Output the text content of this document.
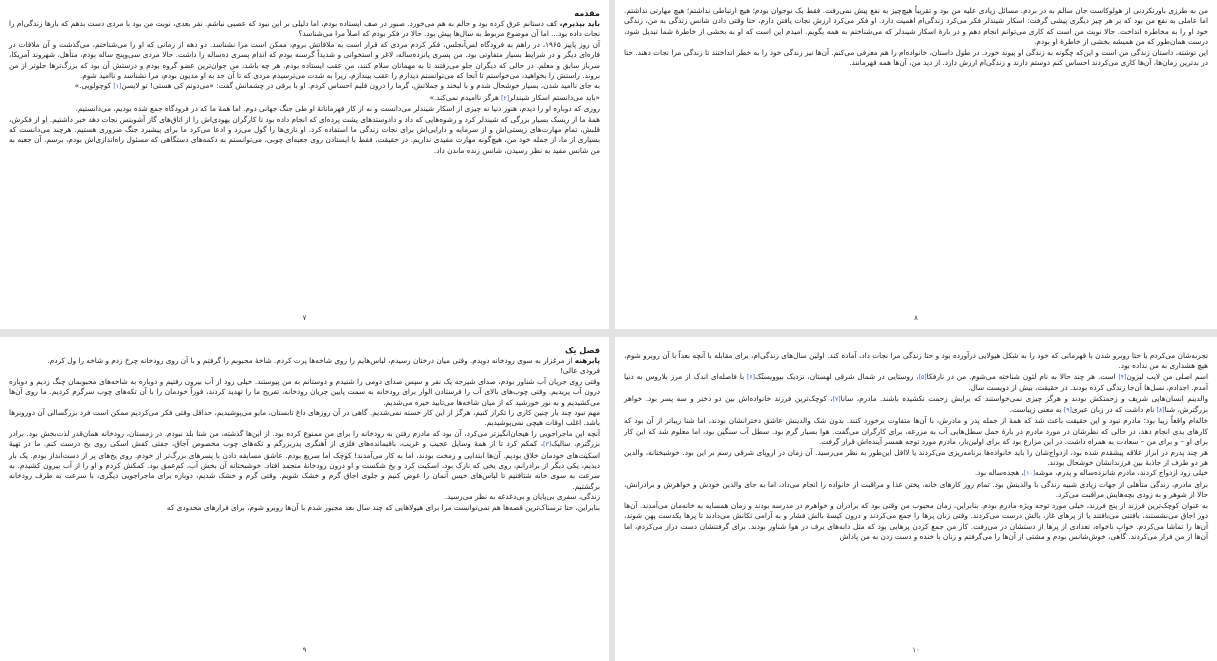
مقدمه

باید بپذیرم، کف دستانم عرق کرده بود و حالم به هم می‌خورد. صبور در صف ایستاده بودم، اما دلیلی بر این نبود که عصبی نباشم. نفر بعدی، نوبت من بود با مردی دست بدهم که بارها زندگی‌ام را نجات داده بود... اما آن موضوع مربوط به سال‌ها پیش بود. حالا در فکر بودم که اصلاً مرا می‌شناسد؟

آن روز پاییز ۱۹۶۵، در راهم به فرودگاه لس‌آنجلس، فکر کردم مردی که قرار است به ملاقاتش بروم، ممکن است مرا نشناسد. دو دهه از زمانی که او را می‌شناختم، می‌گذشت و آن ملاقات در قاره‌ای دیگر و در شرایط بسیار متفاوتی بود. من پسری پانزده‌ساله، لاغر و استخوانی و شدیداً گرسنه بودم که اندام پسری ده‌ساله را داشت. حالا مردی سی‌وپنج ساله بودم، متأهل، شهروند آمریکا، سرباز سابق و معلم. در حالی که دیگران جلو می‌رفتند تا به مهمانان سلام کنند، من عقب ایستاده بودم. هر چه باشد، من جوان‌ترین عضو گروه بودم و درستش آن بود که بزرگ‌ترها جلوتر از من بروند. راستش را بخواهید، می‌خواستم تا آنجا که می‌توانستم دیدارم را عقب بیندازم، زیرا به شدت می‌ترسیدم مردی که تا آن حد به او مدیون بودم، مرا نشناسد و ناامید شوم.

به جای ناامید شدن، بسیار خوشحال شدم و با لبخند و جملاتش، گرما را درون قلبم احساس کردم. او با برقی در چشمانش گفت: «می‌دونم کی هستی! تو لایسن[۱] کوچولویی.»

«باید می‌دانستم اسکار شیندلر[۲] هرگز ناامیدم نمی‌کند.»

روزی که دوباره او را دیدم، هنوز دنیا نه چیزی از اسکار شیندلر می‌دانست و نه از کار قهرمانانهٔ او طی جنگ جهانی دوم. اما همهٔ ما که در فرودگاه جمع شده بودیم، می‌دانستیم.

همهٔ ما از ریسک بسیار بزرگی که شیندلر کرد و رشوه‌هایی که داد و داد‌وستدهای پشت پرده‌ای که انجام داده بود تا کارگران یهودی‌اش را از اتاق‌های گاز آشویتس نجات دهد خبر داشتیم. او از فکرش، قلبش، تمام مهارت‌های زیستی‌اش و از سرمایه و دارایی‌اش برای نجات زندگی ما استفاده کرد. او نازی‌ها را گول می‌زد و ادعا می‌کرد ما برای پیشبرد جنگ ضروری هستیم. هرچند می‌دانست که بسیاری از ما، از جمله خود من، هیچ‌گونه مهارت مفیدی نداریم. در حقیقت، فقط با ایستادن روی جعبه‌ای چوبی، می‌توانستم به دکمه‌های دستگاهی که مسئول راه‌اندازی‌اش بودم، برسم. آن جعبه به من شانس مفید به نظر رسیدن، شانس زنده ماندن داد.

۷

من به طرزی باورنکردنی از هولوکاست جان سالم به در بردم. مسائل زیادی علیه من بود و تقریباً هیچ‌چیز به نفع پیش نمی‌رفت. فقط یک نوجوان بودم؛ هیچ ارتباطی نداشتم؛ هیچ مهارتی نداشتم. اما عاملی به نفع من بود که بر هر چیز دیگری پیشی گرفت: اسکار شیندلر فکر می‌کرد زندگی‌ام اهمیت دارد. او فکر می‌کرد ارزش نجات یافتن دارم، حتا وقتی دادن شانس زندگی به من، زندگی خود او را به مخاطره انداخت. حالا نوبت من است که کاری می‌توانم انجام دهم و در بارهٔ اسکار شیندلر که می‌شناختم به همه بگویم. امیدم این است که او به بخشی از خاطرهٔ شما تبدیل شود، درست همان‌طور که من همیشه بخشی از خاطرهٔ او بودم.

این نوشته، داستان زندگی من است و این‌که چگونه به زندگی او پیوند خورد. در طول داستان، خانواده‌ام را هم معرفی می‌کنم. آن‌ها نیز زندگی خود را به خطر انداختند تا زندگی مرا نجات دهند. حتا در بدترین زمان‌ها، آن‌ها کاری می‌کردند احساس کنم دوستم دارند و زندگی‌ام ارزش دارد. از دید من، آن‌ها همه قهرمانند.

۸

فصل یک

پابرهنه از مرغزار به سوی رودخانه دویدم. وقتی میان درختان رسیدم، لباس‌هایم را روی شاخه‌ها پرت کردم. شاخهٔ محبوبم را گرفتم و با آن روی رودخانه چرخ زدم و شاخه را ول کردم.

فرودی عالی!

وقتی روی جریان آب شناور بودم، صدای شیرجه یک نفر و سپس صدای دومی را شنیدم و دوستانم به من پیوستند. خیلی زود از آب بیرون رفتیم و دوباره به شاخه‌های محبوبمان چنگ زدیم و دوباره درون آب پریدیم. وقتی چوب‌های بالای آب را فرستادن الوار برای رودخانه به سمت پایین جریان رودخانه، تفریح ما را تهدید کردند، فوراً خودمان را با آن تکه‌های چوب سرگرم کردیم. ما روی آن‌ها می‌کشیدیم و به نور خورشید که از میان شاخه‌ها می‌تابید خیره می‌شدیم.

مهم نبود چند بار چنین کاری را تکرار کنیم، هرگز از این کار خسته نمی‌شدیم. گاهی در آن روزهای داغ تابستان، مایو می‌پوشیدیم، حداقل وقتی فکر می‌کردیم ممکن است فرد بزرگسالی آن دوروبرها باشد. اغلب اوقات هیچی نمی‌پوشیدیم.

آنچه این ماجراجویی را هیجان‌انگیزتر می‌کرد، آن بود که مادرم رفتن به رودخانه را برای من ممنوع کرده بود. از این‌ها گذشته، من شنا بلد نبودم. در زمستان، رودخانه همان‌قدر لذت‌بخش بود. برادر بزرگترم، سالیک[۳]، کمکم کرد تا از همهٔ وسایل عجیب و غریب، باقیمانده‌های فلزی از آهنگری پدربزرگم و تکه‌های چوب مخصوص آجاق، جفتی کفش اسکی روی یخ درست کنم. ما در تهیهٔ اسکیت‌های خودمان خلاق بودیم. آن‌ها ابتدایی و زمخت بودند، اما به کار می‌آمدند! کوچک اما سریع بودم. عاشق مسابقه دادن با پسرهای بزرگ‌تر از خودم. روی یخ‌های پر از دست‌انداز بودم. یک بار دیدیم، یکی دیگر از برادرانم، روی یخی که نازک بود، اسکیت کرد و یخ شکست و او درون رودخانهٔ منجمد افتاد. خوشبختانه آن بخش آب، کم‌عمق بود. کمکش کردم و او را از آب بیرون کشیدم. به سرعت به سوی خانه شتافتیم تا لباس‌های خیس آنمان را عوض کنیم و جلوی اجاق گرم و خشک شویم. وقتی گرم و خشک شدیم، دوباره برای ماجراجویی دیگری، با سرعت به طرف رودخانه برگشتیم.

زندگی، سفری بی‌پایان و بی‌دغدغه به نظر می‌رسید.

بنابراین، حتا ترسناک‌ترین قصه‌ها هم نمی‌توانست مرا برای هیولاهایی که چند سال بعد مجبور شدم با آن‌ها روبرو شوم، برای فرارهای محدودی که

۹

تجربه‌شان می‌کردم یا حتا روبرو شدن با قهرمانی که خود را به شکل هیولایی درآورده بود و حتا زندگی مرا نجات داد، آماده کند. اولین سال‌های زندگی‌ام، برای مقابله با آنچه بعداً با آن روبرو شوم، هیچ هشداری به من نداده بود.

اسم اصلی من لایب لیزون[۴] است. هر چند حالا به نام لئون شناخته می‌شوم. من در نارفکا[۵]، روستایی در شمال شرقی لهستان، نزدیک بیوویستُک[۶] با فاصله‌ای اندک از مرز بلاروس به دنیا آمدم. اجدادم، نسل‌ها آن‌جا زندگی کرده بودند. در حقیقت، بیش از دویست سال.

والدینم انسان‌هایی شریف و زحمتکش بودند و هرگز چیزی نمی‌خواستند که برایش زحمت نکشیده باشند. مادرم، سانا[۷]، کوچک‌ترین فرزند خانواده‌اش بین دو دختر و سه پسر بود. خواهر بزرگترش، شنا[۸] نام داشت که در زبان عبری[۹] به معنی زیباست.

خاله‌ام واقعاً زیبا بود؛ مادرم نبود و این حقیقت باعث شد که همهٔ از جمله پدر و مادرش، با آن‌ها متفاوت برخورد کنند. بدون شک والدینش عاشق دخترانشان بودند، اما شنا زیباتر از آن بود که کارهای یدی انجام دهد، در حالی که نظرشان در مورد مادرم در بارهٔ حمل سطل‌هایی آب به مزرعه، برای کارگران می‌گفت. هوا بسیار گرم بود. سطل آب سنگین بود، اما معلوم شد که این کار برای او – و برای من – سعادت به همراه داشت. در این مزارع بود که برای اولین‌بار، مادرم مورد توجه همسر آینده‌اش قرار گرفت.

هر چند پدرم در ابراز علاقه پیشقدم شده بود، ازدواج‌شان را باید خانواده‌ها برنامه‌ریزی می‌کردند یا لااقل این‌طور به نظر می‌رسید. آن زمان در اروپای شرقی رسم بر این بود. خوشبختانه، والدین هر دو طرف از جاذبهٔ بین فرزندانشان خوشحال بودند.

خیلی زود ازدواج کردند، مادرم شانزده‌ساله و پدرم، موشه[۱۰]، هجده‌ساله بود.

برای مادرم، زندگی متأهلی از جهات زیادی شبیه زندگی با والدینش بود. تمام روز کارهای خانه، پختن غذا و مراقبت از خانواده را انجام می‌داد، اما به جای والدین خودش و خواهرش و برادرانش، حالا از شوهر و به زودی بچه‌هایش مراقبت می‌کرد.

به عنوان کوچک‌ترین فرزند از پنج فرزند، خیلی مورد توجه ویژه مادرم بودم. بنابراین، زمان محبوب من وقتی بود که برادران و خواهرم در مدرسه بودند و زمان همسایه به خانه‌مان می‌آمدند. آن‌ها دور اجاق می‌نشستند، بافتنی می‌بافتند یا از پرهای غاز، بالش درست می‌کردند. وقتی زنان پرها را جمع می‌کردند و درون کیسهٔ بالش فشار و به آرامی تکانش می‌دادند تا پرها یکدست پهن شوند، آن‌ها را تماشا می‌کردم. خوابِ ناخواه، تعدادی از پرها از دستشان در می‌رفت. کار من جمع کردن پرهایی بود که مثل دانه‌های برف در هوا شناور بودند. برای گرفتنشان دست دراز می‌کردم، اما آن‌ها از من فرار می‌کردند. گاهی، خوش‌شانس بودم و مشتی از آن‌ها را می‌گرفتم و زنان با خنده و دست زدن به من پاداش

۱۰
